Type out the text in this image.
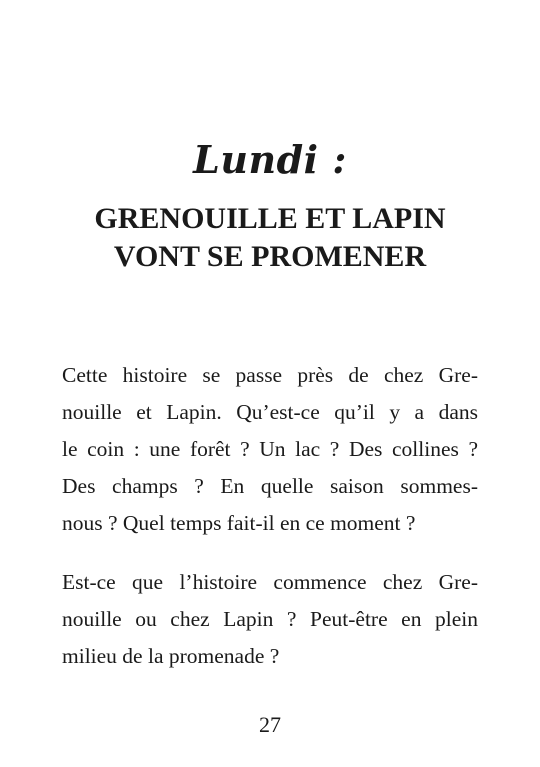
Lundi :
GRENOUILLE ET LAPIN
VONT SE PROMENER
Cette histoire se passe près de chez Gre-
nouille et Lapin. Qu’est-ce qu’il y a dans
le coin : une forêt ? Un lac ? Des collines ?
Des champs ? En quelle saison sommes-
nous ? Quel temps fait-il en ce moment ?
Est-ce que l’histoire commence chez Gre-
nouille ou chez Lapin ? Peut-être en plein
milieu de la promenade ?
27
